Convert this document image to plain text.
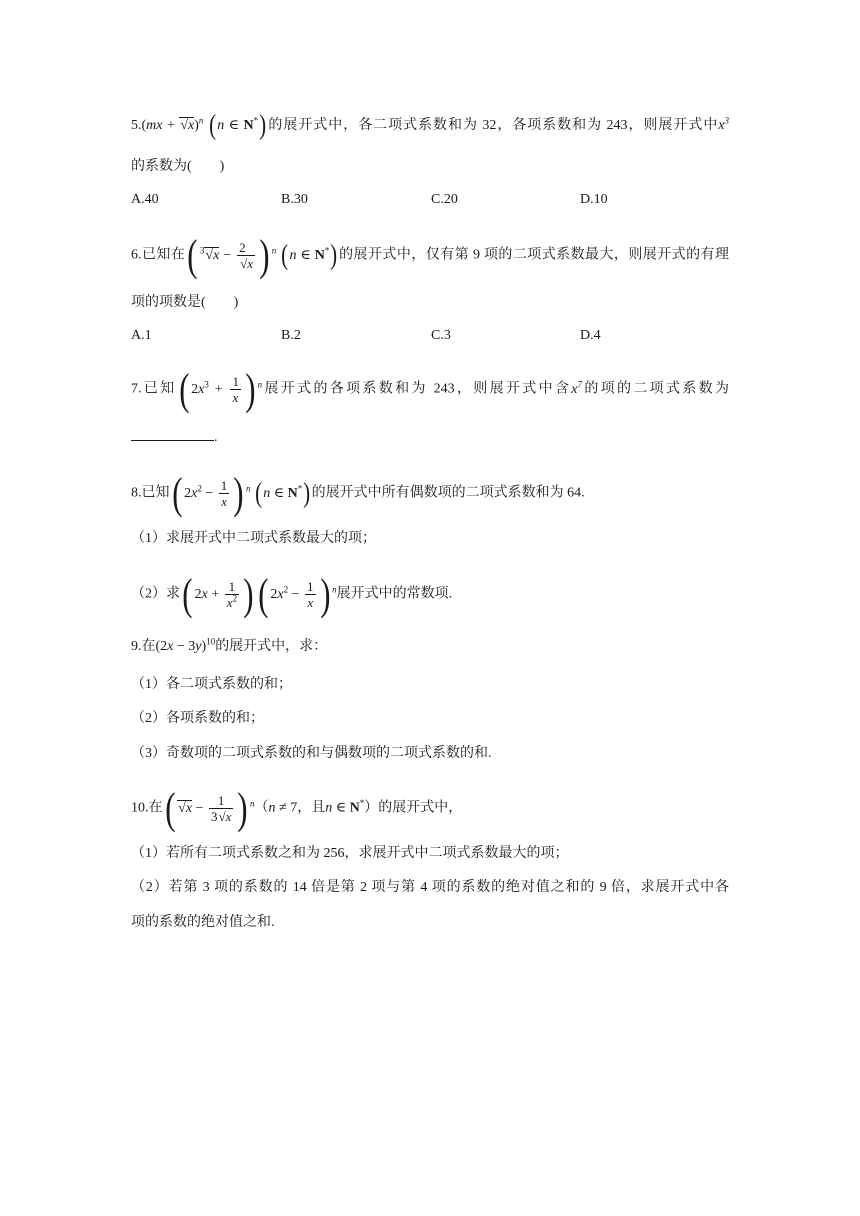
5.(mx + √x)$^n$ (n ∈ N*)的展开式中，各二项式系数和为 32，各项系数和为 243，则展开式中$x^3$
的系数为(　　)
A.40	B.30	C.20	D.10
6.已知在( $^3√x - \frac{2}{√x}$ ) $^n$ (n ∈ N*)的展开式中，仅有第 9 项的二项式系数最大，则展开式的有理
项的项数是(　　)
A.1	B.2	C.3	D.4
7.已知( $2x^3 + \frac{1}{x}$ ) $^n$展开式的各项系数和为 243，则展开式中含$x^7$的项的二项式系数为
.
8.已知( $2x^2 - \frac{1}{x}$ ) $^n$ (n ∈ N*)的展开式中所有偶数项的二项式系数和为 64.
（1）求展开式中二项式系数最大的项；
（2）求( $2x + \frac{1}{x^2}$ )( $2x^2 - \frac{1}{x}$ ) $^n$展开式中的常数项.
9.在$(2x - 3y)^{10}$的展开式中，求：
（1）各二项式系数的和；
（2）各项系数的和；
（3）奇数项的二项式系数的和与偶数项的二项式系数的和.
10.在( $√x - \frac{1}{3√x}$ ) $^n$（n ≠ 7，且n ∈ N*）的展开式中，
（1）若所有二项式系数之和为 256，求展开式中二项式系数最大的项；
（2）若第 3 项的系数的 14 倍是第 2 项与第 4 项的系数的绝对值之和的 9 倍，求展开式中各
项的系数的绝对值之和.
